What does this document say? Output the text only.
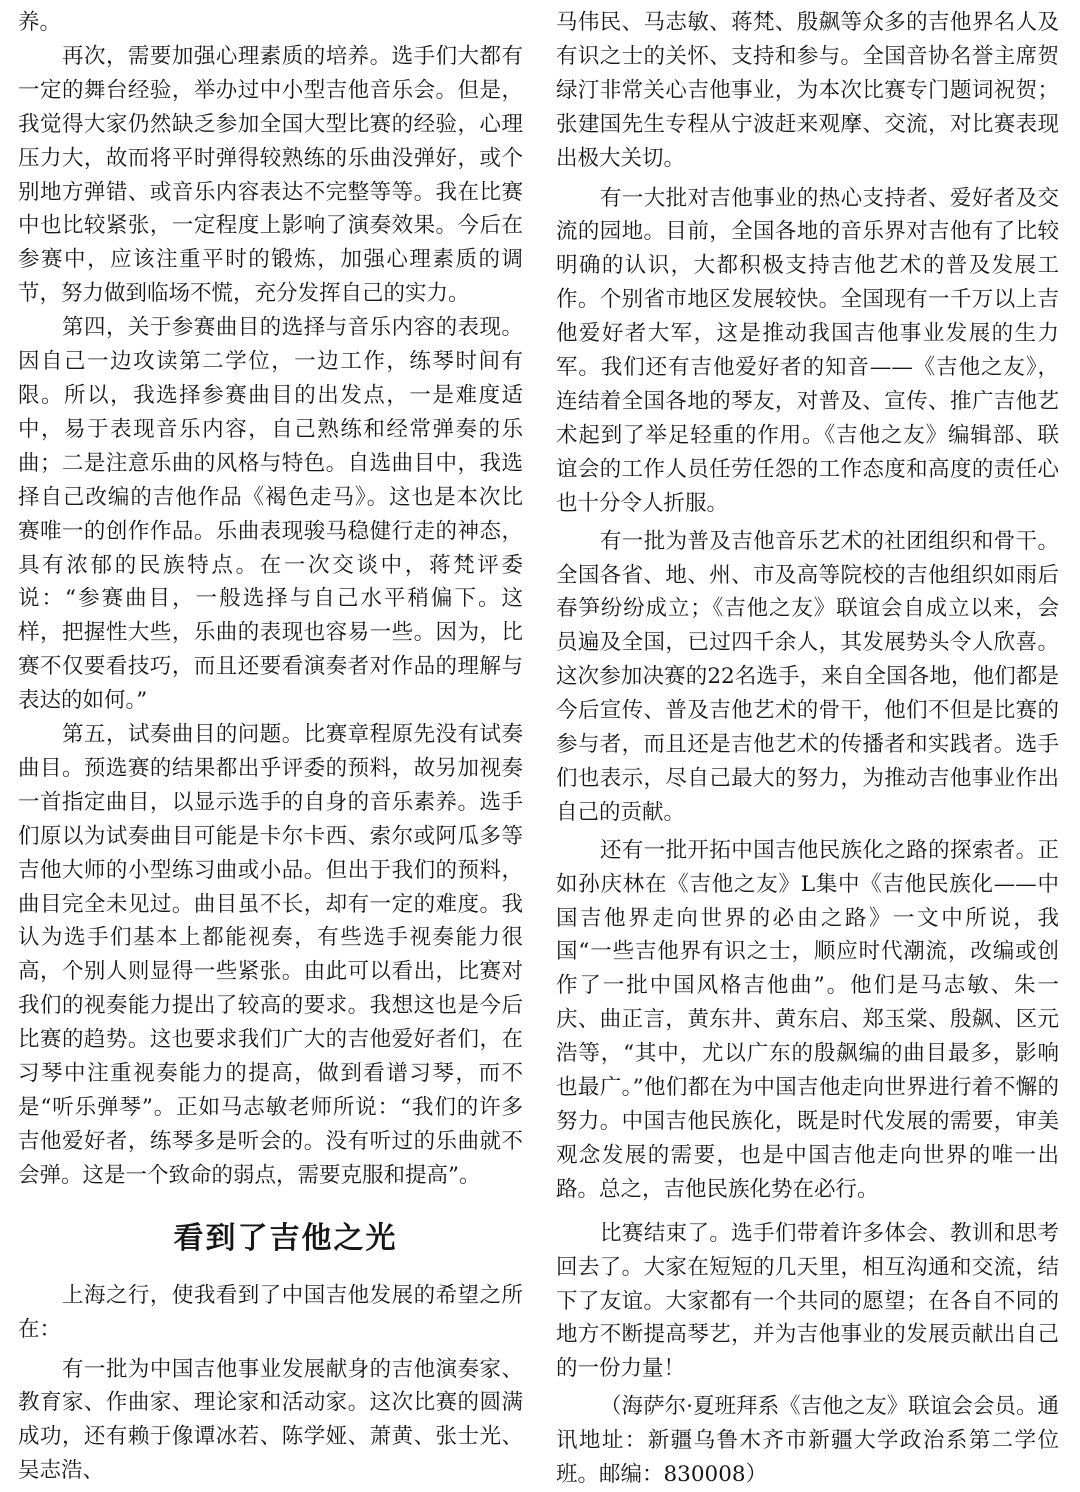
养。

再次，需要加强心理素质的培养。选手们大都有一定的舞台经验，举办过中小型吉他音乐会。但是，我觉得大家仍然缺乏参加全国大型比赛的经验，心理压力大，故而将平时弹得较熟练的乐曲没弹好，或个别地方弹错、或音乐内容表达不完整等等。我在比赛中也比较紧张，一定程度上影响了演奏效果。今后在参赛中，应该注重平时的锻炼，加强心理素质的调节，努力做到临场不慌，充分发挥自己的实力。

第四，关于参赛曲目的选择与音乐内容的表现。因自己一边攻读第二学位，一边工作，练琴时间有限。所以，我选择参赛曲目的出发点，一是难度适中，易于表现音乐内容，自己熟练和经常弹奏的乐曲；二是注意乐曲的风格与特色。自选曲目中，我选择自己改编的吉他作品《褐色走马》。这也是本次比赛唯一的创作作品。乐曲表现骏马稳健行走的神态，具有浓郁的民族特点。在一次交谈中，蒋梵评委说：“参赛曲目，一般选择与自己水平稍偏下。这样，把握性大些，乐曲的表现也容易一些。因为，比赛不仅要看技巧，而且还要看演奏者对作品的理解与表达的如何。”

第五，试奏曲目的问题。比赛章程原先没有试奏曲目。预选赛的结果都出乎评委的预料，故另加视奏一首指定曲目，以显示选手的自身的音乐素养。选手们原以为试奏曲目可能是卡尔卡西、索尔或阿瓜多等吉他大师的小型练习曲或小品。但出于我们的预料，曲目完全未见过。曲目虽不长，却有一定的难度。我认为选手们基本上都能视奏，有些选手视奏能力很高，个别人则显得一些紧张。由此可以看出，比赛对我们的视奏能力提出了较高的要求。我想这也是今后比赛的趋势。这也要求我们广大的吉他爱好者们，在习琴中注重视奏能力的提高，做到看谱习琴，而不是“听乐弹琴”。正如马志敏老师所说：“我们的许多吉他爱好者，练琴多是听会的。没有听过的乐曲就不会弹。这是一个致命的弱点，需要克服和提高”。

看到了吉他之光

上海之行，使我看到了中国吉他发展的希望之所在：

有一批为中国吉他事业发展献身的吉他演奏家、教育家、作曲家、理论家和活动家。这次比赛的圆满成功，还有赖于像谭冰若、陈学娅、萧黄、张士光、吴志浩、

马伟民、马志敏、蒋梵、殷飙等众多的吉他界名人及有识之士的关怀、支持和参与。全国音协名誉主席贺绿汀非常关心吉他事业，为本次比赛专门题词祝贺；张建国先生专程从宁波赶来观摩、交流，对比赛表现出极大关切。

有一大批对吉他事业的热心支持者、爱好者及交流的园地。目前，全国各地的音乐界对吉他有了比较明确的认识，大都积极支持吉他艺术的普及发展工作。个别省市地区发展较快。全国现有一千万以上吉他爱好者大军，这是推动我国吉他事业发展的生力军。我们还有吉他爱好者的知音——《吉他之友》，连结着全国各地的琴友，对普及、宣传、推广吉他艺术起到了举足轻重的作用。《吉他之友》编辑部、联谊会的工作人员任劳任怨的工作态度和高度的责任心也十分令人折服。

有一批为普及吉他音乐艺术的社团组织和骨干。全国各省、地、州、市及高等院校的吉他组织如雨后春笋纷纷成立；《吉他之友》联谊会自成立以来，会员遍及全国，已过四千余人，其发展势头令人欣喜。这次参加决赛的22名选手，来自全国各地，他们都是今后宣传、普及吉他艺术的骨干，他们不但是比赛的参与者，而且还是吉他艺术的传播者和实践者。选手们也表示，尽自己最大的努力，为推动吉他事业作出自己的贡献。

还有一批开拓中国吉他民族化之路的探索者。正如孙庆林在《吉他之友》L集中《吉他民族化——中国吉他界走向世界的必由之路》一文中所说，我国“一些吉他界有识之士，顺应时代潮流，改编或创作了一批中国风格吉他曲”。他们是马志敏、朱一庆、曲正言，黄东井、黄东启、郑玉棠、殷飙、区元浩等，“其中，尤以广东的殷飙编的曲目最多，影响也最广。”他们都在为中国吉他走向世界进行着不懈的努力。中国吉他民族化，既是时代发展的需要，审美观念发展的需要，也是中国吉他走向世界的唯一出路。总之，吉他民族化势在必行。

比赛结束了。选手们带着许多体会、教训和思考回去了。大家在短短的几天里，相互沟通和交流，结下了友谊。大家都有一个共同的愿望；在各自不同的地方不断提高琴艺，并为吉他事业的发展贡献出自己的一份力量！

（海萨尔·夏班拜系《吉他之友》联谊会会员。通讯地址：新疆乌鲁木齐市新疆大学政治系第二学位班。邮编：830008）
